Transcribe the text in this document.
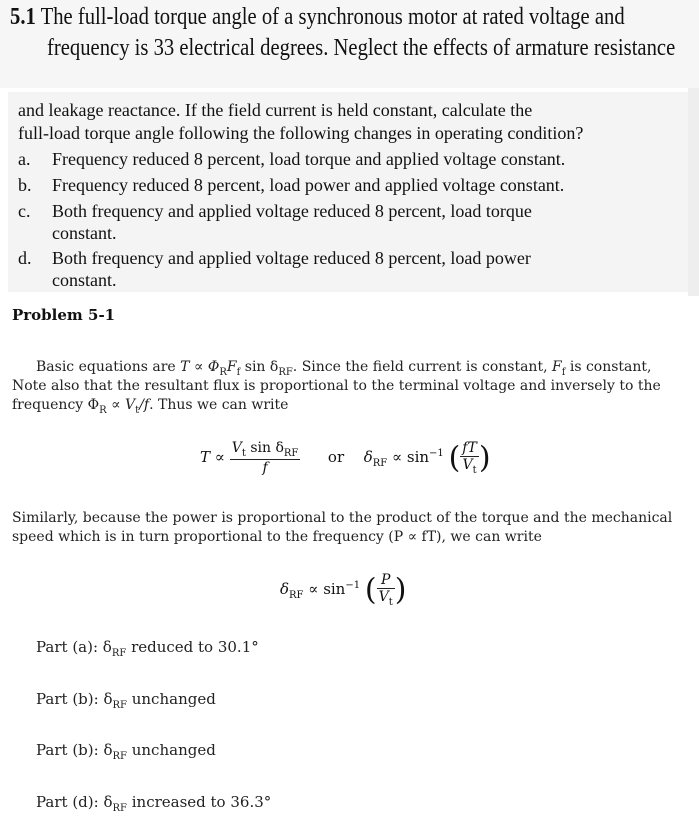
5.1 The full-load torque angle of a synchronous motor at rated voltage and
frequency is 33 electrical degrees. Neglect the effects of armature resistance
and leakage reactance. If the field current is held constant, calculate the
full-load torque angle following the following changes in operating condition?
a. Frequency reduced 8 percent, load torque and applied voltage constant.
b. Frequency reduced 8 percent, load power and applied voltage constant.
c. Both frequency and applied voltage reduced 8 percent, load torque
constant.
d. Both frequency and applied voltage reduced 8 percent, load power
constant.
Problem 5-1
Basic equations are $T \propto \Phi_RF_f$ $\sin \delta_{RF}$. Since the field current is constant, $F_f$ is constant,
Note also that the resultant flux is proportional to the terminal voltage and inversely to the
frequency $\Phi_R \propto V_t/f$. Thus we can write
$T \propto \frac{V_t \sin \delta_{RF}}{f}$ or $\delta_{RF} \propto \sin^{-1}$ ( $\frac{fT}{V_t}$ )
Similarly, because the power is proportional to the product of the torque and the mechanical
speed which is in turn proportional to the frequency (P ∝ fT), we can write
$\delta_{RF} \propto \sin^{-1}$ ( $\frac{P}{V_t}$ )
Part (a): $\delta_{RF}$ reduced to 30.1°
Part (b): $\delta_{RF}$ unchanged
Part (b): $\delta_{RF}$ unchanged
Part (d): $\delta_{RF}$ increased to 36.3°
